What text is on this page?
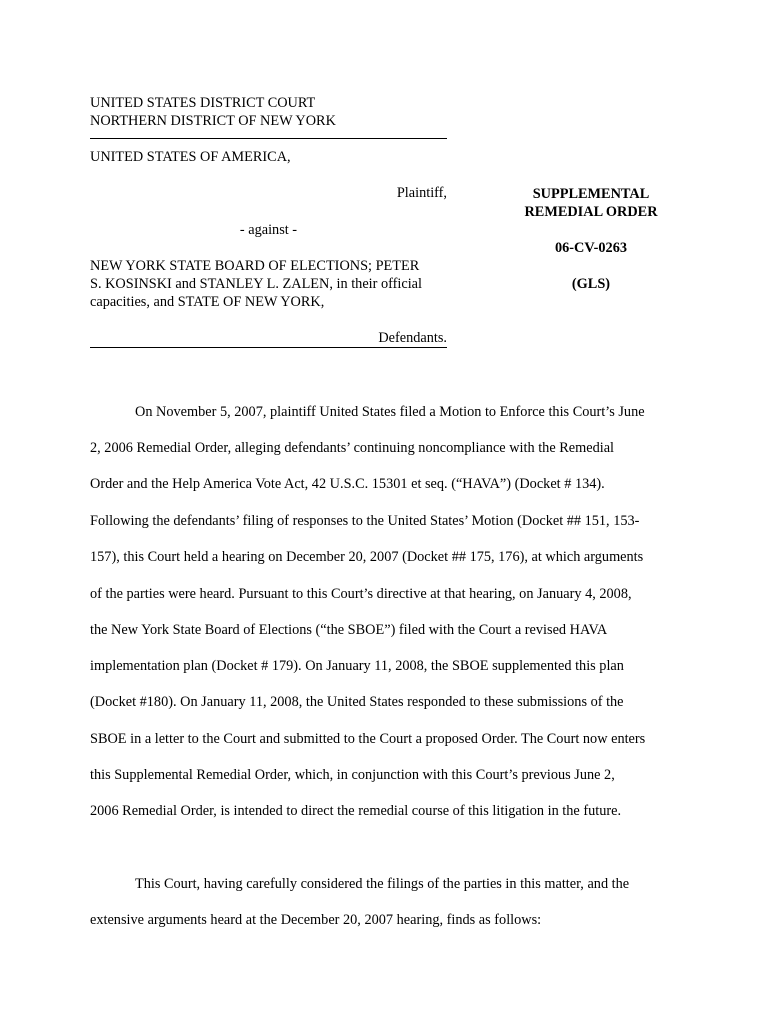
UNITED STATES DISTRICT COURT
NORTHERN DISTRICT OF NEW YORK
UNITED STATES OF AMERICA,
Plaintiff,
- against -
NEW YORK STATE BOARD OF ELECTIONS; PETER
S. KOSINSKI and STANLEY L. ZALEN, in their official
capacities, and STATE OF NEW YORK,
Defendants.
SUPPLEMENTAL
REMEDIAL ORDER
06-CV-0263
(GLS)
On November 5, 2007, plaintiff United States filed a Motion to Enforce this Court’s June
2, 2006 Remedial Order, alleging defendants’ continuing noncompliance with the Remedial
Order and the Help America Vote Act, 42 U.S.C. 15301 et seq. (“HAVA”) (Docket # 134).
Following the defendants’ filing of responses to the United States’ Motion (Docket ## 151, 153-
157), this Court held a hearing on December 20, 2007 (Docket ## 175, 176), at which arguments
of the parties were heard. Pursuant to this Court’s directive at that hearing, on January 4, 2008,
the New York State Board of Elections (“the SBOE”) filed with the Court a revised HAVA
implementation plan (Docket # 179). On January 11, 2008, the SBOE supplemented this plan
(Docket #180). On January 11, 2008, the United States responded to these submissions of the
SBOE in a letter to the Court and submitted to the Court a proposed Order. The Court now enters
this Supplemental Remedial Order, which, in conjunction with this Court’s previous June 2,
2006 Remedial Order, is intended to direct the remedial course of this litigation in the future.
This Court, having carefully considered the filings of the parties in this matter, and the
extensive arguments heard at the December 20, 2007 hearing, finds as follows:
